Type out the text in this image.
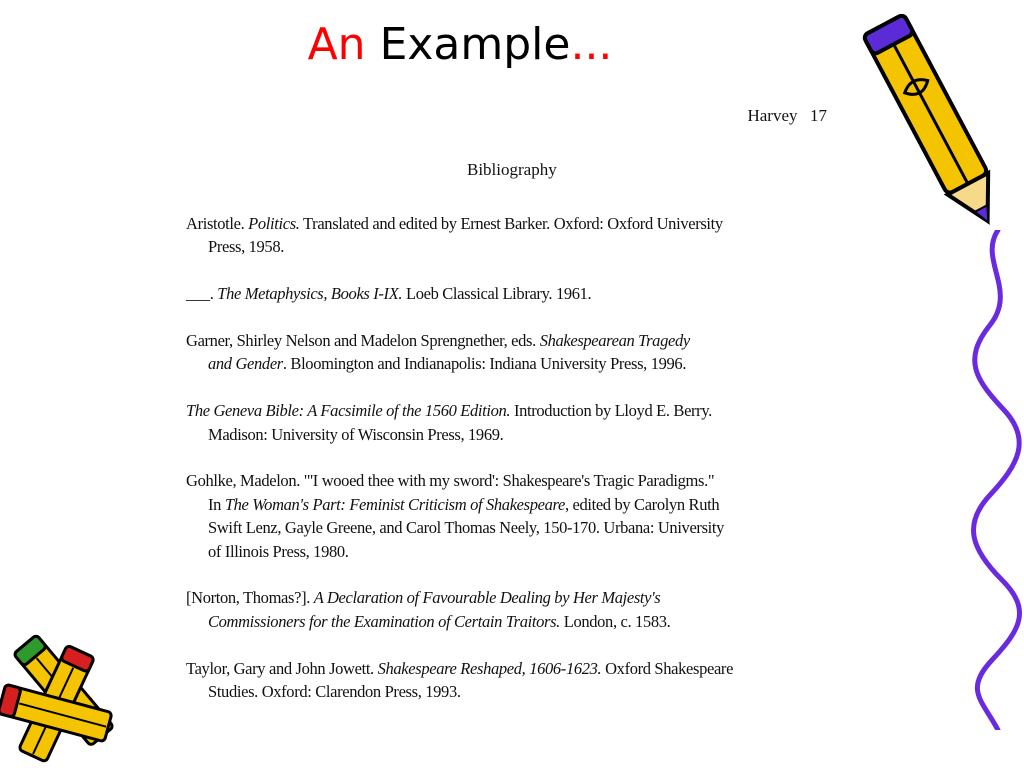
An Example...
Harvey  17
Bibliography
Aristotle. Politics. Translated and edited by Ernest Barker. Oxford: Oxford University
Press, 1958.
___. The Metaphysics, Books I-IX. Loeb Classical Library. 1961.
Garner, Shirley Nelson and Madelon Sprengnether, eds. Shakespearean Tragedy
and Gender. Bloomington and Indianapolis: Indiana University Press, 1996.
The Geneva Bible: A Facsimile of the 1560 Edition. Introduction by Lloyd E. Berry.
Madison: University of Wisconsin Press, 1969.
Gohlke, Madelon. "'I wooed thee with my sword': Shakespeare's Tragic Paradigms."
In The Woman's Part: Feminist Criticism of Shakespeare, edited by Carolyn Ruth
Swift Lenz, Gayle Greene, and Carol Thomas Neely, 150-170. Urbana: University
of Illinois Press, 1980.
[Norton, Thomas?]. A Declaration of Favourable Dealing by Her Majesty's
Commissioners for the Examination of Certain Traitors. London, c. 1583.
Taylor, Gary and John Jowett. Shakespeare Reshaped, 1606-1623. Oxford Shakespeare
Studies. Oxford: Clarendon Press, 1993.
